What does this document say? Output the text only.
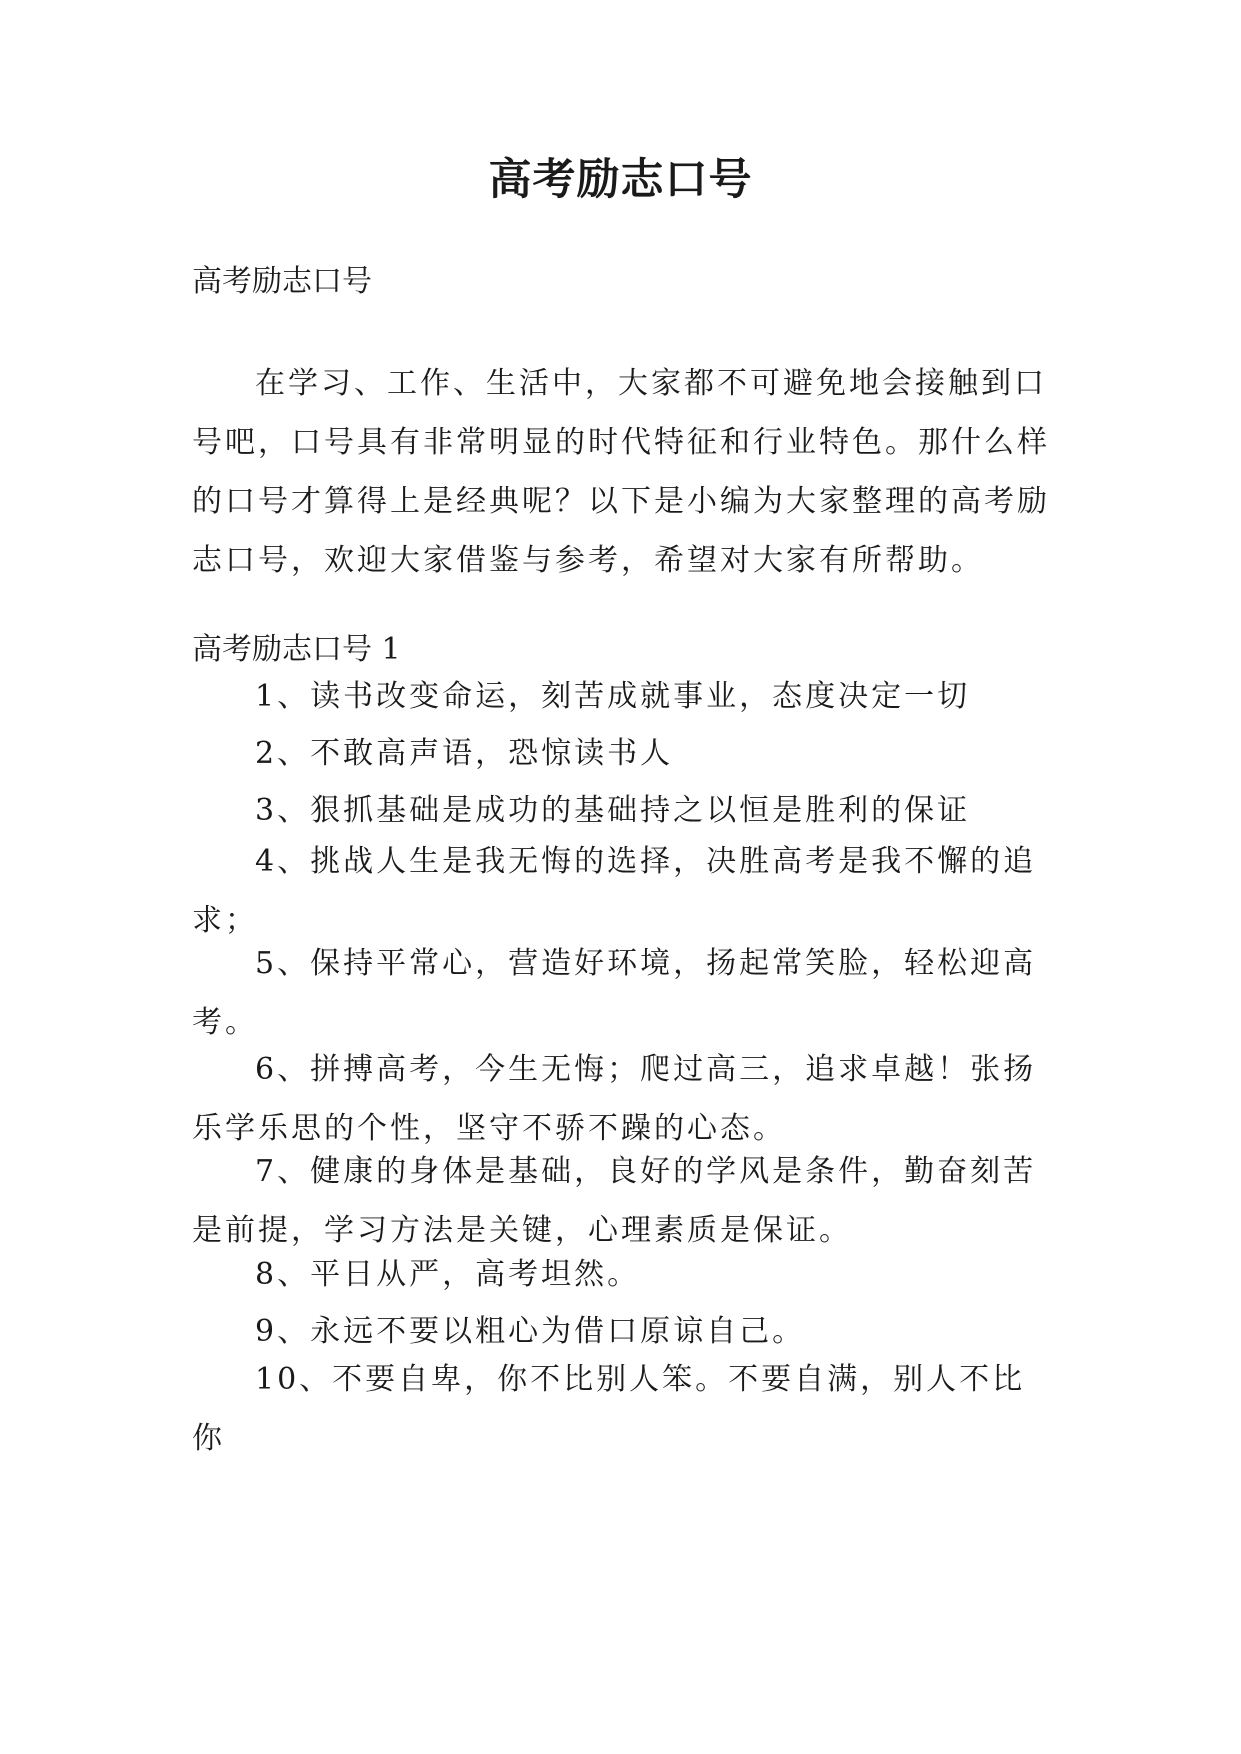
高考励志口号
高考励志口号
在学习、工作、生活中，大家都不可避免地会接触到口号吧，口号具有非常明显的时代特征和行业特色。那什么样的口号才算得上是经典呢？以下是小编为大家整理的高考励志口号，欢迎大家借鉴与参考，希望对大家有所帮助。
高考励志口号 1
1、读书改变命运，刻苦成就事业，态度决定一切
2、不敢高声语，恐惊读书人
3、狠抓基础是成功的基础持之以恒是胜利的保证
4、挑战人生是我无悔的选择，决胜高考是我不懈的追求；
5、保持平常心，营造好环境，扬起常笑脸，轻松迎高考。
6、拼搏高考，今生无悔；爬过高三，追求卓越！张扬乐学乐思的个性，坚守不骄不躁的心态。
7、健康的身体是基础，良好的学风是条件，勤奋刻苦是前提，学习方法是关键，心理素质是保证。
8、平日从严，高考坦然。
9、永远不要以粗心为借口原谅自己。
10、不要自卑，你不比别人笨。不要自满，别人不比你
